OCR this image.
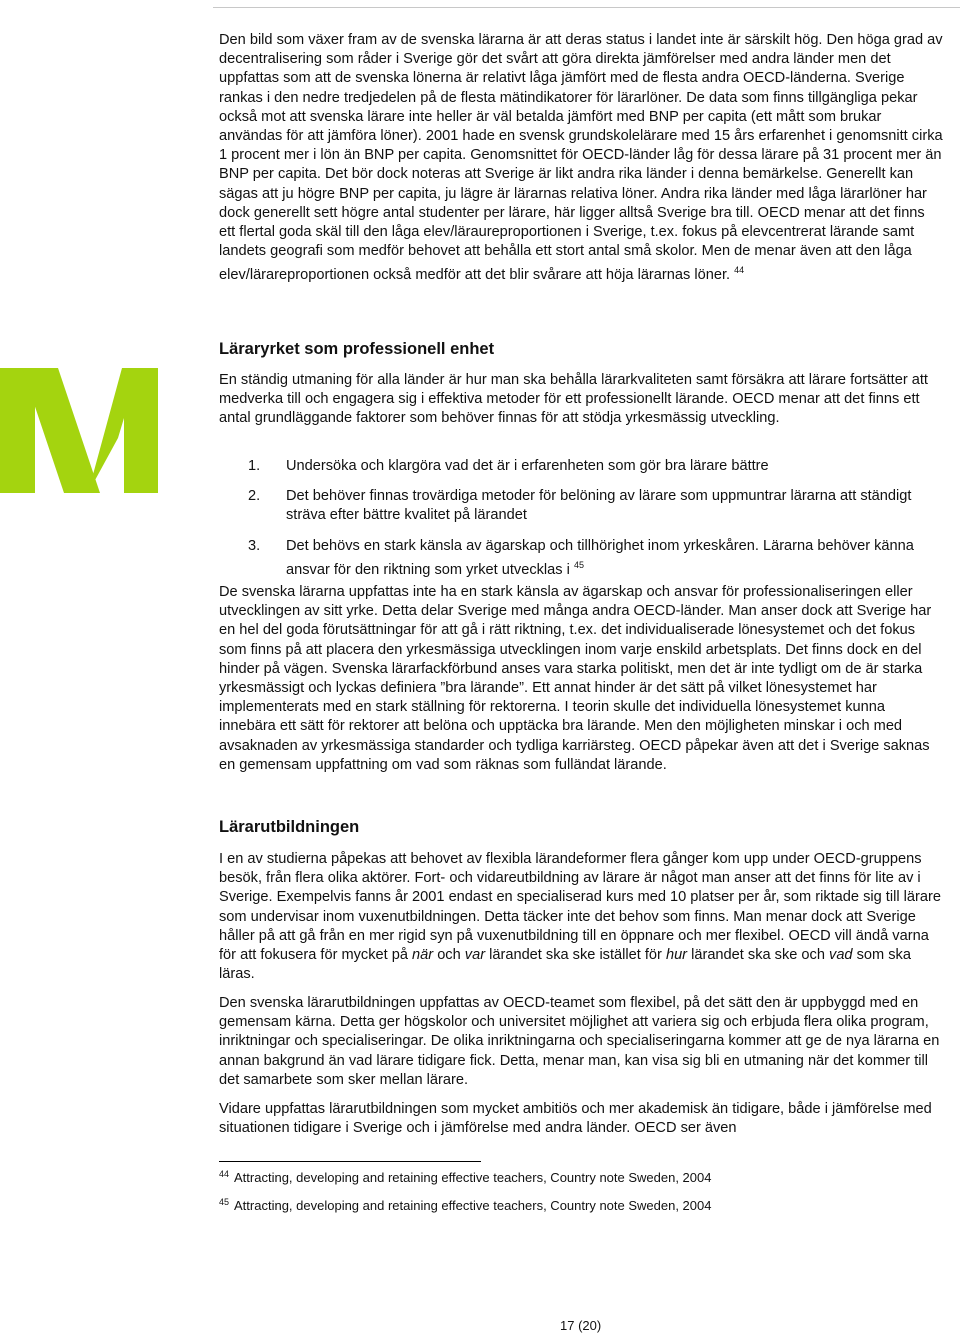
Den bild som växer fram av de svenska lärarna är att deras status i landet inte är särskilt hög. Den höga grad av decentralisering som råder i Sverige gör det svårt att göra direkta jämförelser med andra länder men det uppfattas som att de svenska lönerna är relativt låga jämfört med de flesta andra OECD-länderna. Sverige rankas i den nedre tredjedelen på de flesta mätindikatorer för lärarlöner. De data som finns tillgängliga pekar också mot att svenska lärare inte heller är väl betalda jämfört med BNP per capita (ett mått som brukar användas för att jämföra löner). 2001 hade en svensk grundskolelärare med 15 års erfarenhet i genomsnitt cirka 1 procent mer i lön än BNP per capita. Genomsnittet för OECD-länder låg för dessa lärare på 31 procent mer än BNP per capita. Det bör dock noteras att Sverige är likt andra rika länder i denna bemärkelse. Generellt kan sägas att ju högre BNP per capita, ju lägre är lärarnas relativa löner. Andra rika länder med låga lärarlöner har dock generellt sett högre antal studenter per lärare, här ligger alltså Sverige bra till. OECD menar att det finns ett flertal goda skäl till den låga elev/läraureproportionen i Sverige, t.ex. fokus på elevcentrerat lärande samt landets geografi som medför behovet att behålla ett stort antal små skolor. Men de menar även att den låga elev/lärareproportionen också medför att det blir svårare att höja lärarnas löner. $^{44}$

Läraryrket som professionell enhet

En ständig utmaning för alla länder är hur man ska behålla lärarkvaliteten samt försäkra att lärare fortsätter att medverka till och engagera sig i effektiva metoder för ett professionellt lärande. OECD menar att det finns ett antal grundläggande faktorer som behöver finnas för att stödja yrkesmässig utveckling.

1. Undersöka och klargöra vad det är i erfarenheten som gör bra lärare bättre
2. Det behöver finnas trovärdiga metoder för belöning av lärare som uppmuntrar lärarna att ständigt sträva efter bättre kvalitet på lärandet
3. Det behövs en stark känsla av ägarskap och tillhörighet inom yrkeskåren. Lärarna behöver känna ansvar för den riktning som yrket utvecklas i $^{45}$

De svenska lärarna uppfattas inte ha en stark känsla av ägarskap och ansvar för professionaliseringen eller utvecklingen av sitt yrke. Detta delar Sverige med många andra OECD-länder. Man anser dock att Sverige har en hel del goda förutsättningar för att gå i rätt riktning, t.ex. det individualiserade lönesystemet och det fokus som finns på att placera den yrkesmässiga utvecklingen inom varje enskild arbetsplats. Det finns dock en del hinder på vägen. Svenska lärarfackförbund anses vara starka politiskt, men det är inte tydligt om de är starka yrkesmässigt och lyckas definiera ”bra lärande”. Ett annat hinder är det sätt på vilket lönesystemet har implementerats med en stark ställning för rektorerna. I teorin skulle det individuella lönesystemet kunna innebära ett sätt för rektorer att belöna och upptäcka bra lärande. Men den möjligheten minskar i och med avsaknaden av yrkesmässiga standarder och tydliga karriärsteg. OECD påpekar även att det i Sverige saknas en gemensam uppfattning om vad som räknas som fulländat lärande.

Lärarutbildningen

I en av studierna påpekas att behovet av flexibla lärandeformer flera gånger kom upp under OECD-gruppens besök, från flera olika aktörer. Fort- och vidareutbildning av lärare är något man anser att det finns för lite av i Sverige. Exempelvis fanns år 2001 endast en specialiserad kurs med 10 platser per år, som riktade sig till lärare som undervisar inom vuxenutbildningen. Detta täcker inte det behov som finns. Man menar dock att Sverige håller på att gå från en mer rigid syn på vuxenutbildning till en öppnare och mer flexibel. OECD vill ändå varna för att fokusera för mycket på när och var lärandet ska ske istället för hur lärandet ska ske och vad som ska läras.

Den svenska lärarutbildningen uppfattas av OECD-teamet som flexibel, på det sätt den är uppbyggd med en gemensam kärna. Detta ger högskolor och universitet möjlighet att variera sig och erbjuda flera olika program, inriktningar och specialiseringar. De olika inriktningarna och specialiseringarna kommer att ge de nya lärarna en annan bakgrund än vad lärare tidigare fick. Detta, menar man, kan visa sig bli en utmaning när det kommer till det samarbete som sker mellan lärare.

Vidare uppfattas lärarutbildningen som mycket ambitiös och mer akademisk än tidigare, både i jämförelse med situationen tidigare i Sverige och i jämförelse med andra länder. OECD ser även

$^{44}$ Attracting, developing and retaining effective teachers, Country note Sweden, 2004
$^{45}$ Attracting, developing and retaining effective teachers, Country note Sweden, 2004
17 (20)
